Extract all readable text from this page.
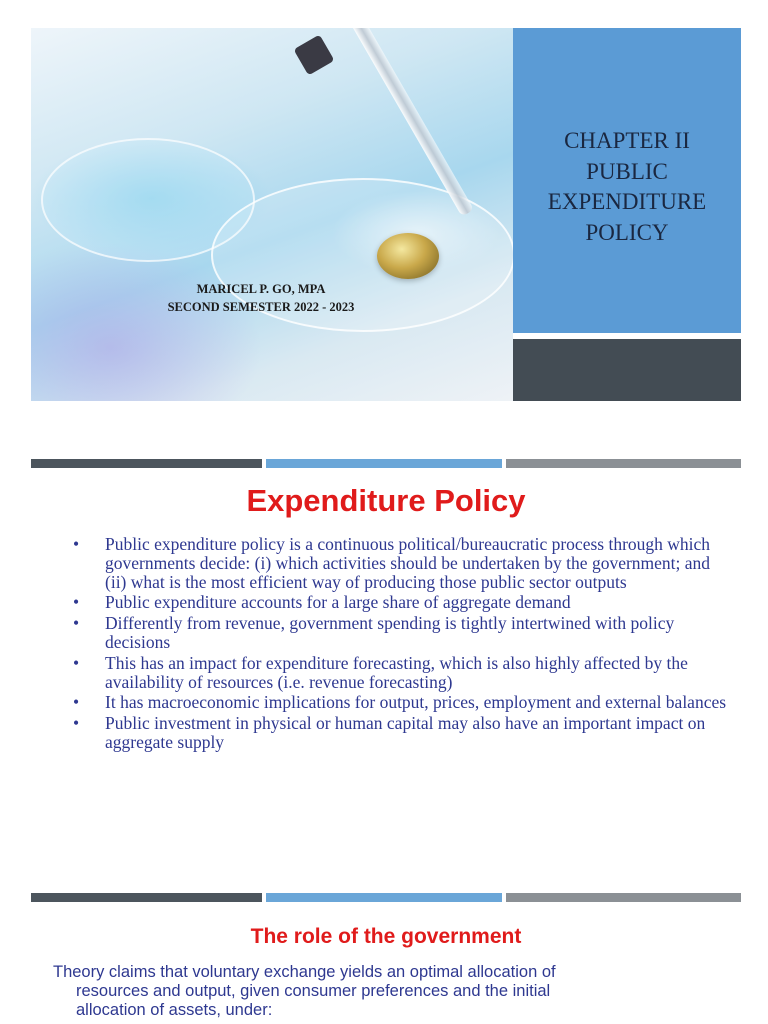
MARICEL P. GO, MPA
SECOND SEMESTER 2022 - 2023
CHAPTER II
PUBLIC
EXPENDITURE
POLICY
Expenditure Policy
• Public expenditure policy is a continuous political/bureaucratic process through which governments decide: (i) which activities should be undertaken by the government; and (ii) what is the most efficient way of producing those public sector outputs
• Public expenditure accounts for a large share of aggregate demand
• Differently from revenue, government spending is tightly intertwined with policy decisions
• This has an impact for expenditure forecasting, which is also highly affected by the availability of resources (i.e. revenue forecasting)
• It has macroeconomic implications for output, prices, employment and external balances
• Public investment in physical or human capital may also have an important impact on aggregate supply
The role of the government
Theory claims that voluntary exchange yields an optimal allocation of
resources and output, given consumer preferences and the initial
allocation of assets, under:
